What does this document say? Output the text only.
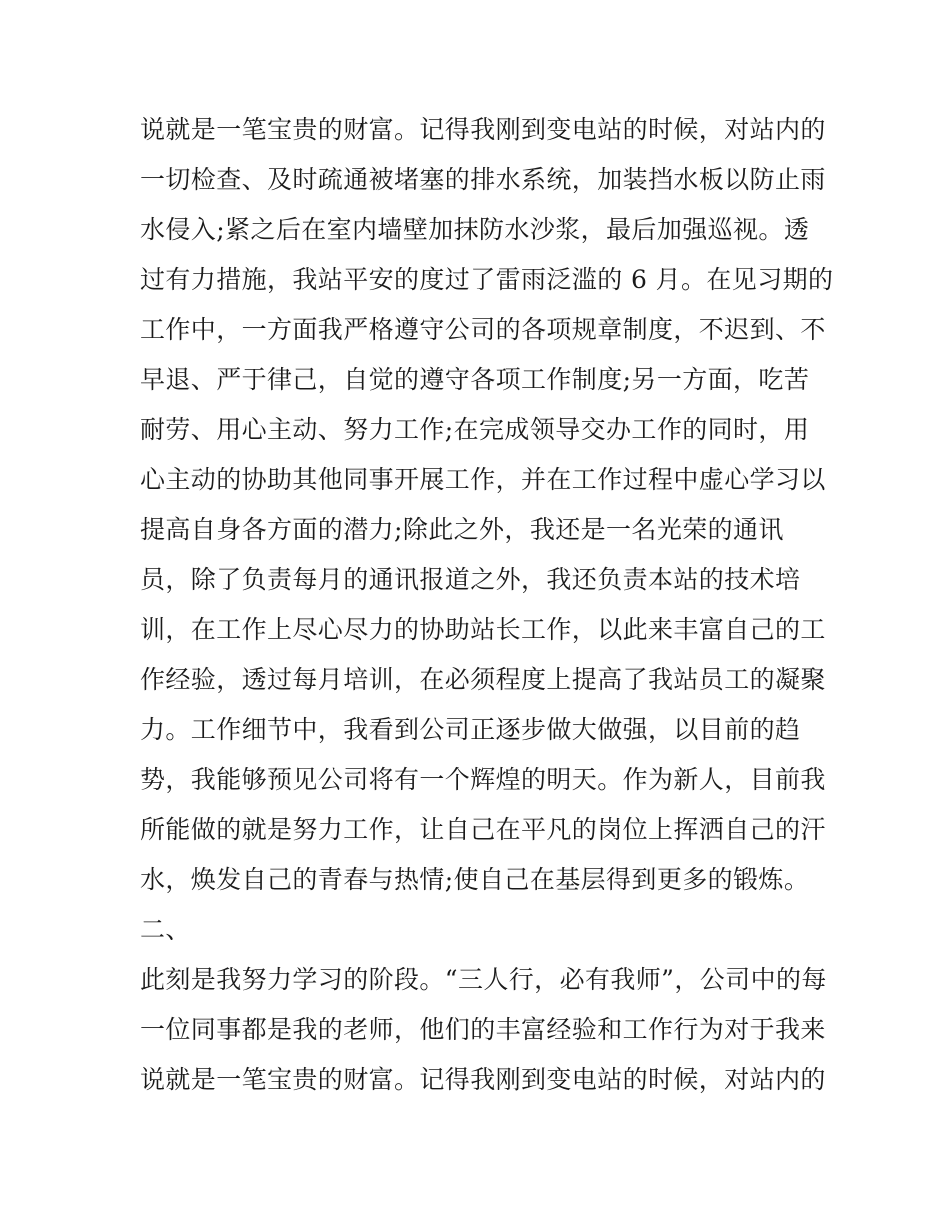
说就是一笔宝贵的财富。记得我刚到变电站的时候，对站内的
一切检查、及时疏通被堵塞的排水系统，加装挡水板以防止雨
水侵入;紧之后在室内墙壁加抹防水沙浆，最后加强巡视。透
过有力措施，我站平安的度过了雷雨泛滥的 6 月。在见习期的
工作中，一方面我严格遵守公司的各项规章制度，不迟到、不
早退、严于律己，自觉的遵守各项工作制度;另一方面，吃苦
耐劳、用心主动、努力工作;在完成领导交办工作的同时，用
心主动的协助其他同事开展工作，并在工作过程中虚心学习以
提高自身各方面的潜力;除此之外，我还是一名光荣的通讯
员，除了负责每月的通讯报道之外，我还负责本站的技术培
训，在工作上尽心尽力的协助站长工作，以此来丰富自己的工
作经验，透过每月培训，在必须程度上提高了我站员工的凝聚
力。工作细节中，我看到公司正逐步做大做强，以目前的趋
势，我能够预见公司将有一个辉煌的明天。作为新人，目前我
所能做的就是努力工作，让自己在平凡的岗位上挥洒自己的汗
水，焕发自己的青春与热情;使自己在基层得到更多的锻炼。
二、
此刻是我努力学习的阶段。“三人行，必有我师”，公司中的每
一位同事都是我的老师，他们的丰富经验和工作行为对于我来
说就是一笔宝贵的财富。记得我刚到变电站的时候，对站内的
